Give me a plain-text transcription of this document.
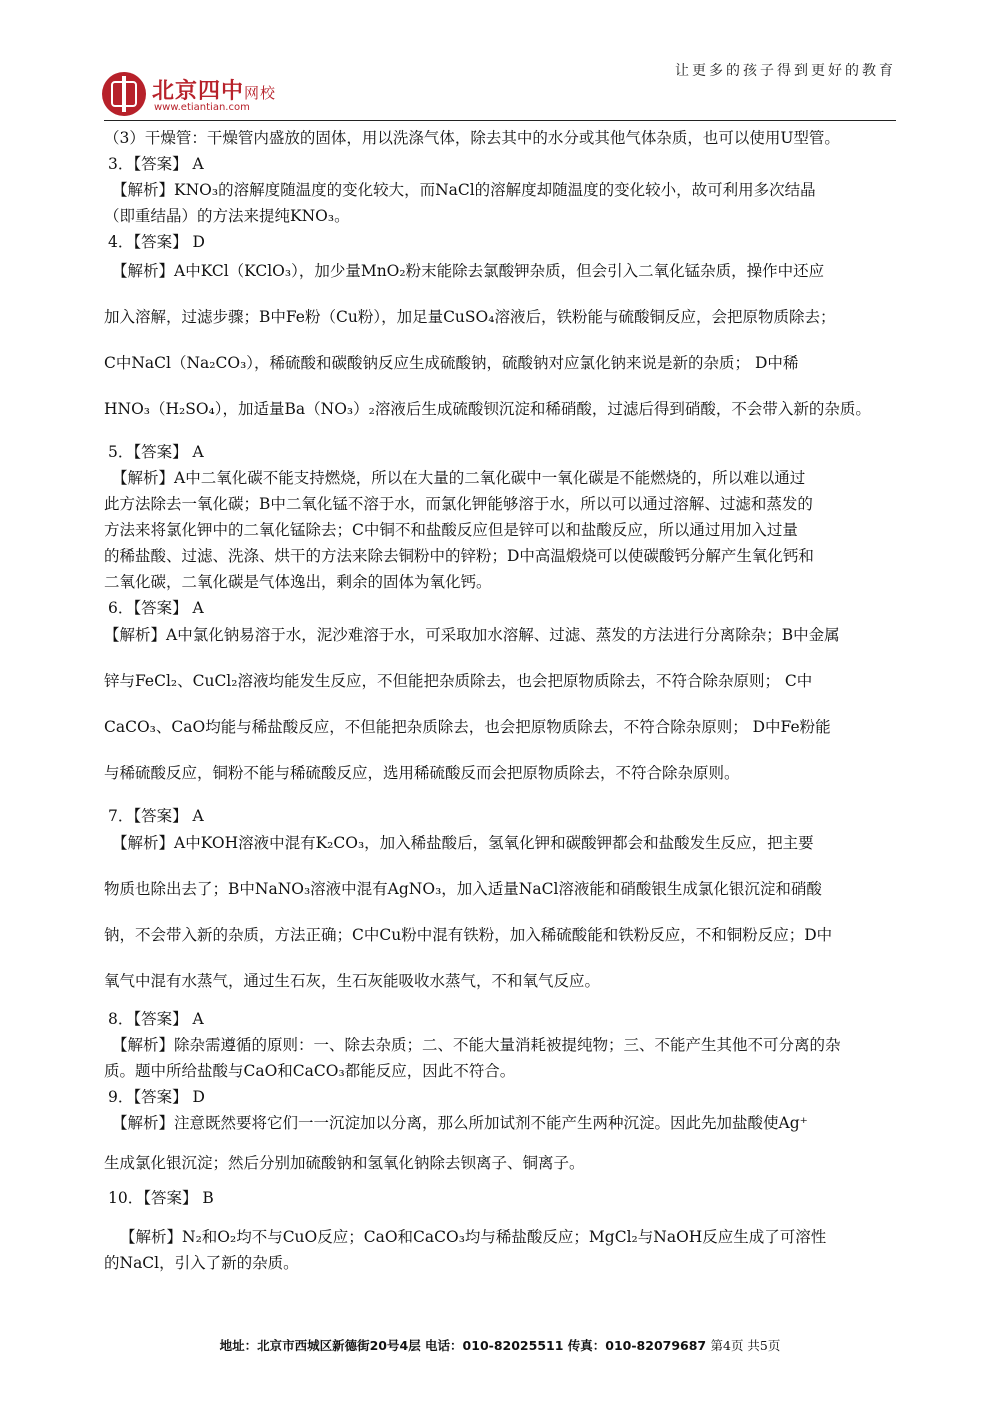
北京四中网校
www.etiantian.com
让更多的孩子得到更好的教育
（3）干燥管：干燥管内盛放的固体，用以洗涤气体，除去其中的水分或其他气体杂质，也可以使用U型管。
3．【答案】 A
【解析】KNO₃的溶解度随温度的变化较大，而NaCl的溶解度却随温度的变化较小，故可利用多次结晶
（即重结晶）的方法来提纯KNO₃。
4．【答案】 D
【解析】A中KCl（KClO₃），加少量MnO₂粉末能除去氯酸钾杂质，但会引入二氧化锰杂质，操作中还应
加入溶解，过滤步骤；B中Fe粉（Cu粉），加足量CuSO₄溶液后，铁粉能与硫酸铜反应，会把原物质除去；
C中NaCl（Na₂CO₃），稀硫酸和碳酸钠反应生成硫酸钠，硫酸钠对应氯化钠来说是新的杂质； D中稀
HNO₃（H₂SO₄），加适量Ba（NO₃）₂溶液后生成硫酸钡沉淀和稀硝酸，过滤后得到硝酸，不会带入新的杂质。
5．【答案】 A
【解析】A中二氧化碳不能支持燃烧，所以在大量的二氧化碳中一氧化碳是不能燃烧的，所以难以通过
此方法除去一氧化碳；B中二氧化锰不溶于水，而氯化钾能够溶于水，所以可以通过溶解、过滤和蒸发的
方法来将氯化钾中的二氧化锰除去；C中铜不和盐酸反应但是锌可以和盐酸反应，所以通过用加入过量
的稀盐酸、过滤、洗涤、烘干的方法来除去铜粉中的锌粉；D中高温煅烧可以使碳酸钙分解产生氧化钙和
二氧化碳，二氧化碳是气体逸出，剩余的固体为氧化钙。
6．【答案】 A
【解析】A中氯化钠易溶于水，泥沙难溶于水，可采取加水溶解、过滤、蒸发的方法进行分离除杂；B中金属
锌与FeCl₂、CuCl₂溶液均能发生反应，不但能把杂质除去，也会把原物质除去，不符合除杂原则； C中
CaCO₃、CaO均能与稀盐酸反应，不但能把杂质除去，也会把原物质除去，不符合除杂原则； D中Fe粉能
与稀硫酸反应，铜粉不能与稀硫酸反应，选用稀硫酸反而会把原物质除去，不符合除杂原则。
7．【答案】 A
【解析】A中KOH溶液中混有K₂CO₃，加入稀盐酸后，氢氧化钾和碳酸钾都会和盐酸发生反应，把主要
物质也除出去了；B中NaNO₃溶液中混有AgNO₃，加入适量NaCl溶液能和硝酸银生成氯化银沉淀和硝酸
钠，不会带入新的杂质，方法正确；C中Cu粉中混有铁粉，加入稀硫酸能和铁粉反应，不和铜粉反应；D中
氧气中混有水蒸气，通过生石灰，生石灰能吸收水蒸气，不和氧气反应。
8．【答案】 A
【解析】除杂需遵循的原则：一、除去杂质；二、不能大量消耗被提纯物；三、不能产生其他不可分离的杂
质。题中所给盐酸与CaO和CaCO₃都能反应，因此不符合。
9．【答案】 D
【解析】注意既然要将它们一一沉淀加以分离，那么所加试剂不能产生两种沉淀。因此先加盐酸使Ag⁺
生成氯化银沉淀；然后分别加硫酸钠和氢氧化钠除去钡离子、铜离子。
10．【答案】 B
【解析】N₂和O₂均不与CuO反应；CaO和CaCO₃均与稀盐酸反应；MgCl₂与NaOH反应生成了可溶性
的NaCl，引入了新的杂质。
地址：北京市西城区新德街20号4层 电话：010-82025511 传真：010-82079687 第4页 共5页
